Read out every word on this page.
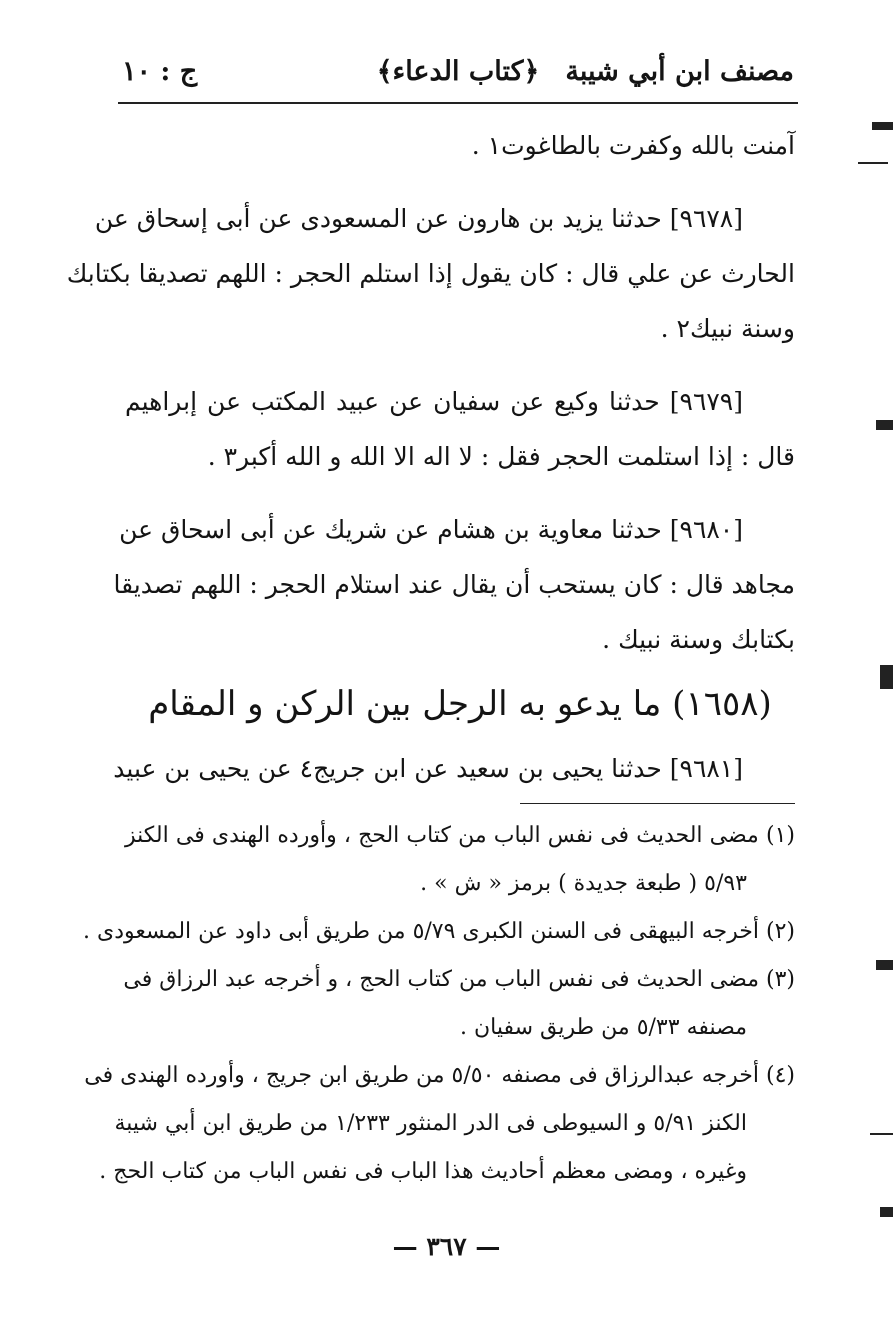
مصنف ابن أبي شيبة
﴿كتاب الدعاء﴾
ج : ١٠
آمنت بالله وكفرت بالطاغوت١ .
[٩٦٧٨] حدثنا يزيد بن هارون عن المسعودى عن أبى إسحاق عن
الحارث عن علي قال : كان يقول إذا استلم الحجر : اللهم تصديقا بكتابك
وسنة نبيك٢ .
[٩٦٧٩] حدثنا وكيع عن سفيان عن عبيد المكتب عن إبراهيم
قال : إذا استلمت الحجر فقل : لا اله الا الله و الله أكبر٣ .
[٩٦٨٠] حدثنا معاوية بن هشام عن شريك عن أبى اسحاق عن
مجاهد قال : كان يستحب أن يقال عند استلام الحجر : اللهم تصديقا
بكتابك وسنة نبيك .
(١٦٥٨) ما يدعو به الرجل بين الركن و المقام
[٩٦٨١] حدثنا يحيى بن سعيد عن ابن جريج٤ عن يحيى بن عبيد
(١) مضى الحديث فى نفس الباب من كتاب الحج ، وأورده الهندى فى الكنز
٥/٩٣ ( طبعة جديدة ) برمز « ش » .
(٢) أخرجه البيهقى فى السنن الكبرى ٥/٧٩ من طريق أبى داود عن المسعودى .
(٣) مضى الحديث فى نفس الباب من كتاب الحج ، و أخرجه عبد الرزاق فى
مصنفه ٥/٣٣ من طريق سفيان .
(٤) أخرجه عبدالرزاق فى مصنفه ٥/٥٠ من طريق ابن جريج ، وأورده الهندى فى
الكنز ٥/٩١ و السيوطى فى الدر المنثور ١/٢٣٣ من طريق ابن أبي شيبة
وغيره ، ومضى معظم أحاديث هذا الباب فى نفس الباب من كتاب الحج .
— ٣٦٧ —
